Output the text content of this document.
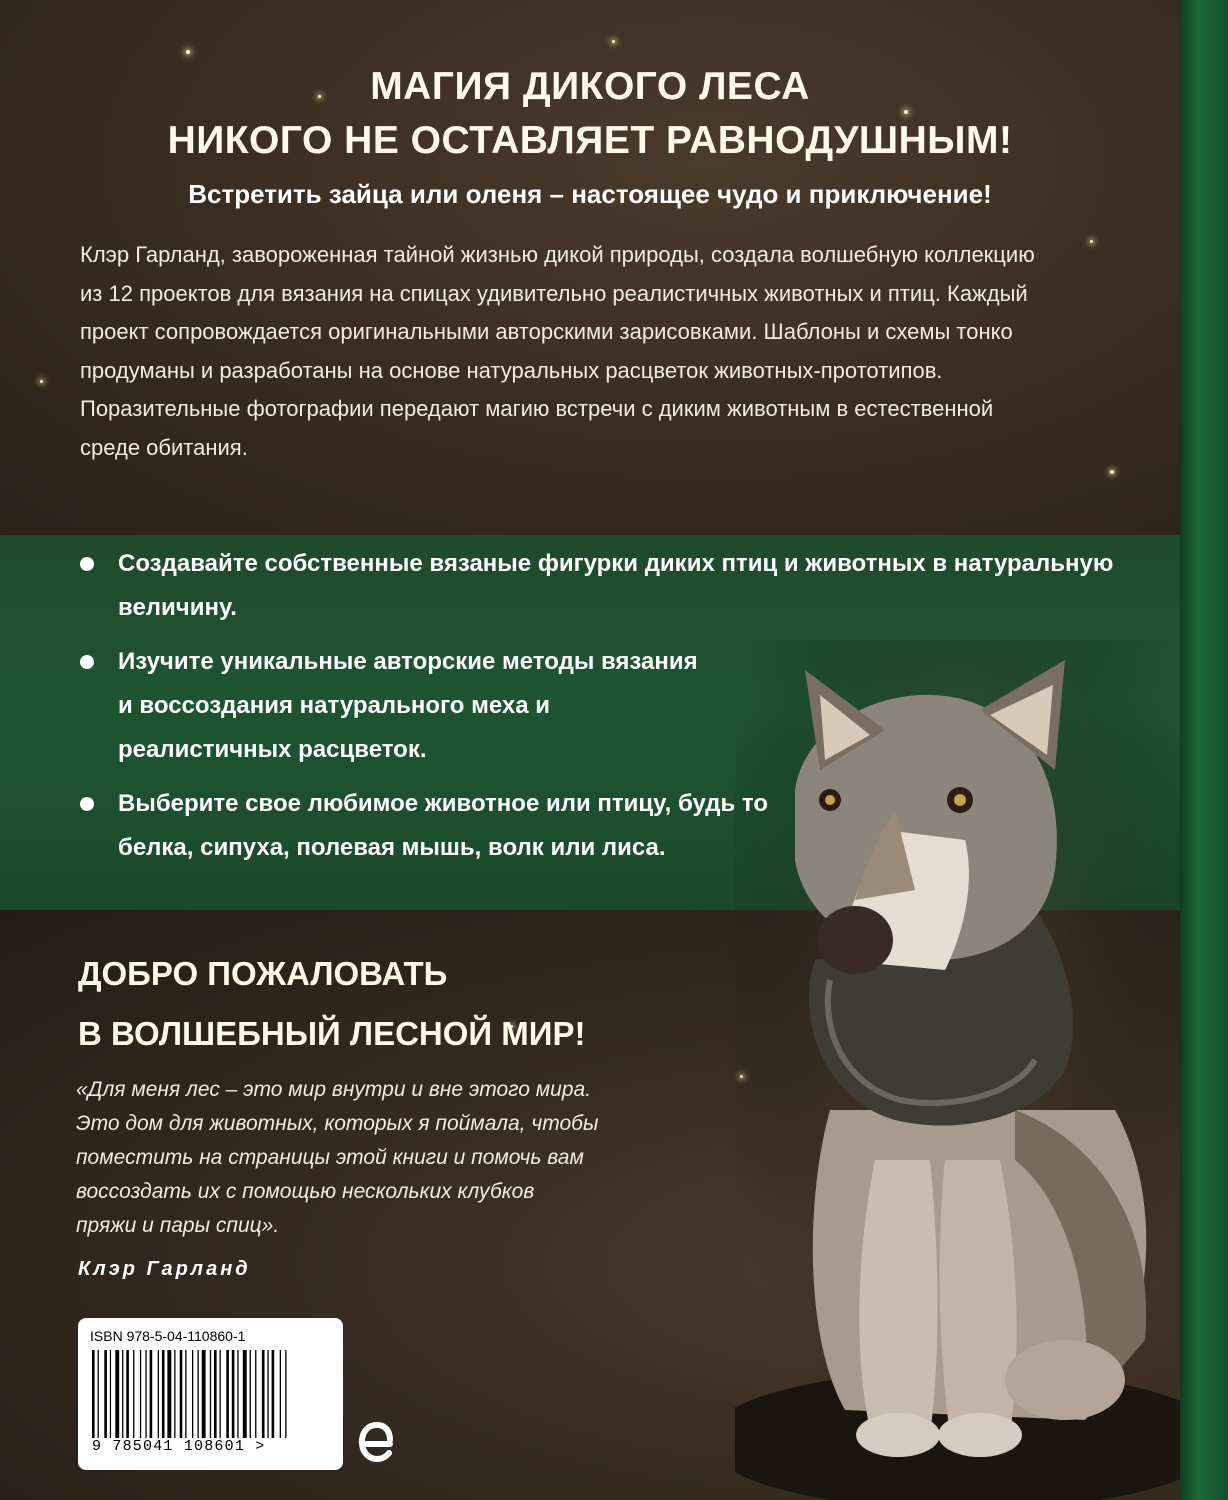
МАГИЯ ДИКОГО ЛЕСА
НИКОГО НЕ ОСТАВЛЯЕТ РАВНОДУШНЫМ!
Встретить зайца или оленя – настоящее чудо и приключение!
Клэр Гарланд, завороженная тайной жизнью дикой природы, создала волшебную коллекцию из 12 проектов для вязания на спицах удивительно реалистичных животных и птиц. Каждый проект сопровождается оригинальными авторскими зарисовками. Шаблоны и схемы тонко продуманы и разработаны на основе натуральных расцветок животных-прототипов. Поразительные фотографии передают магию встречи с диким животным в естественной среде обитания.
Создавайте собственные вязаные фигурки диких птиц и животных в натуральную величину.
Изучите уникальные авторские методы вязания и воссоздания натурального меха и реалистичных расцветок.
Выберите свое любимое животное или птицу, будь то белка, сипуха, полевая мышь, волк или лиса.
ДОБРО ПОЖАЛОВАТЬ
В ВОЛШЕБНЫЙ ЛЕСНОЙ МИР!
«Для меня лес – это мир внутри и вне этого мира.
Это дом для животных, которых я поймала, чтобы
поместить на страницы этой книги и помочь вам
воссоздать их с помощью нескольких клубков
пряжи и пары спиц».
Клэр Гарланд
ISBN 978-5-04-110860-1
9 785041 108601 >
